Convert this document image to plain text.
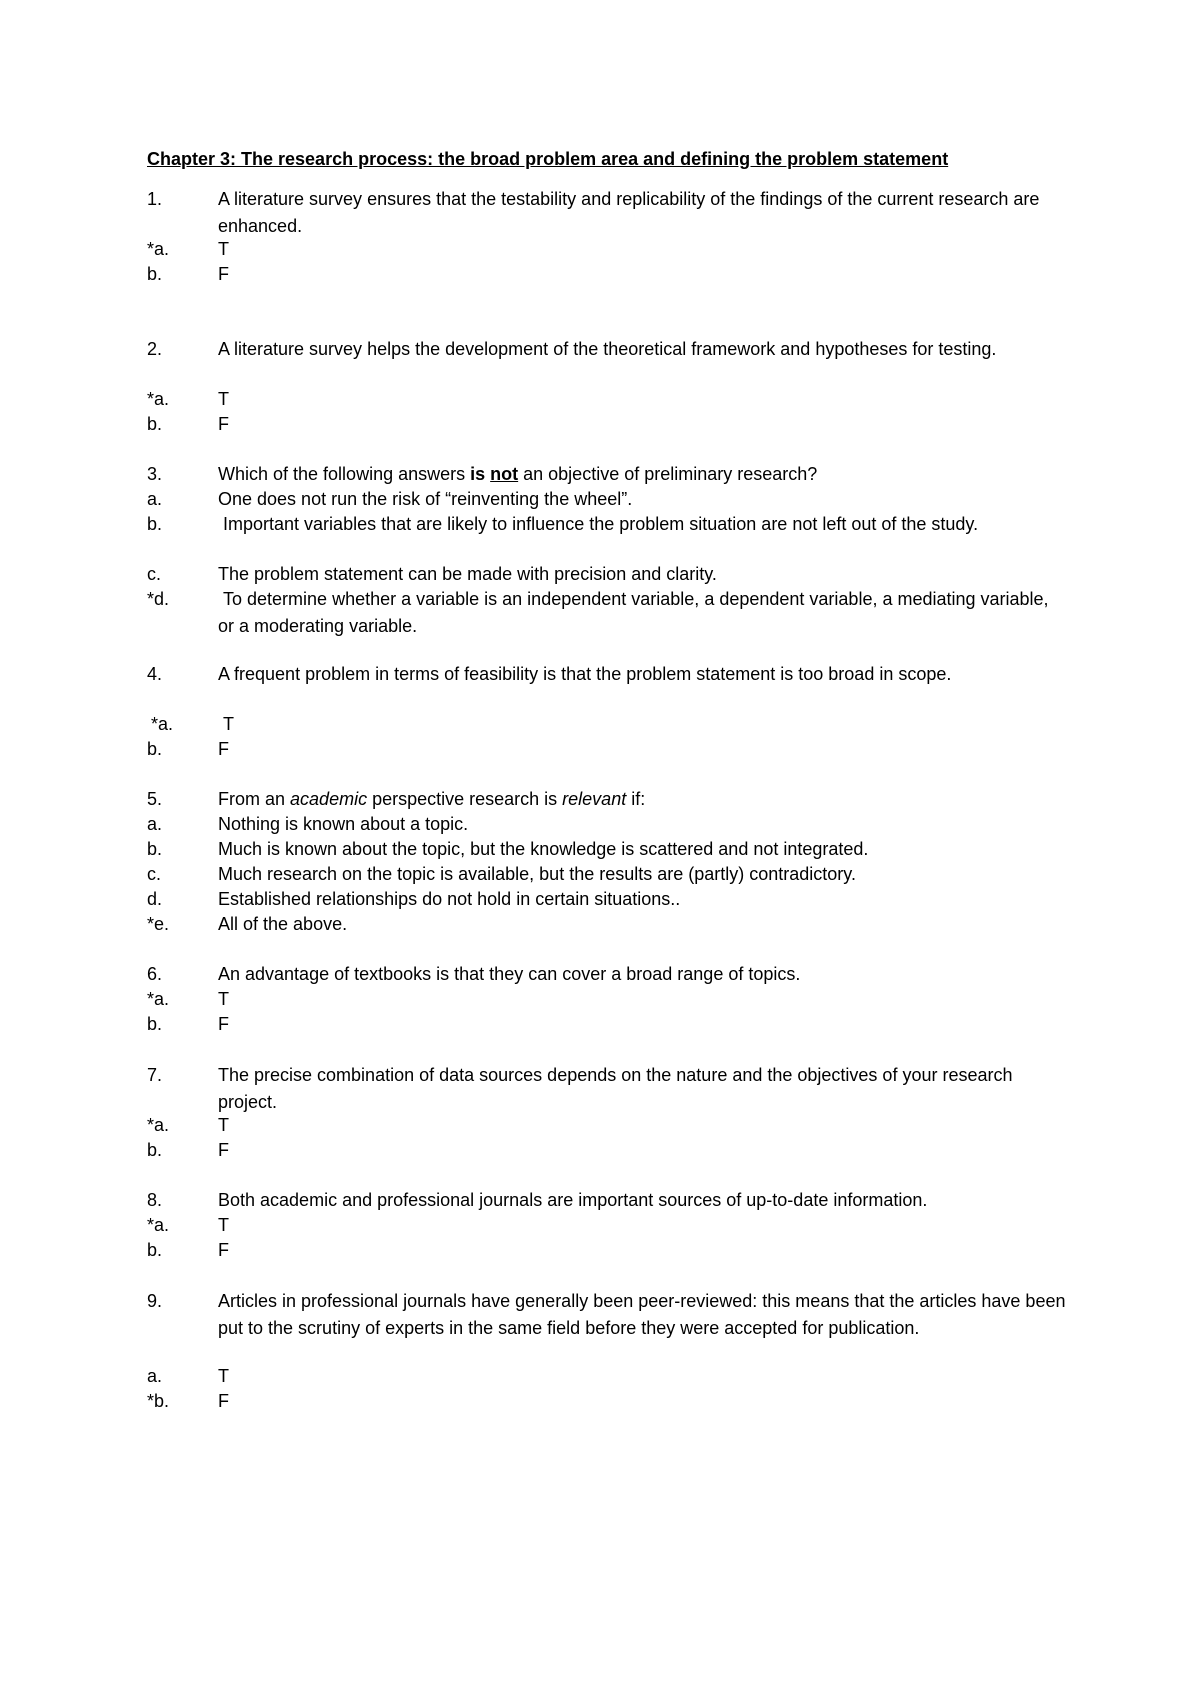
Chapter 3: The research process: the broad problem area and defining the problem statement
1.	A literature survey ensures that the testability and replicability of the findings of the current research are enhanced.
*a.	T
b.	F
2.	A literature survey helps the development of the theoretical framework and hypotheses for testing.
*a.	T
b.	F
3.	Which of the following answers is not an objective of preliminary research?
a.	One does not run the risk of “reinventing the wheel”.
b.	Important variables that are likely to influence the problem situation are not left out of the study.
c.	The problem statement can be made with precision and clarity.
*d.	To determine whether a variable is an independent variable, a dependent variable, a mediating variable, or a moderating variable.
4.	A frequent problem in terms of feasibility is that the problem statement is too broad in scope.
*a.	T
b.	F
5.	From an academic perspective research is relevant if:
a.	Nothing is known about a topic.
b.	Much is known about the topic, but the knowledge is scattered and not integrated.
c.	Much research on the topic is available, but the results are (partly) contradictory.
d.	Established relationships do not hold in certain situations..
*e.	All of the above.
6.	An advantage of textbooks is that they can cover a broad range of topics.
*a.	T
b.	F
7.	The precise combination of data sources depends on the nature and the objectives of your research project.
*a.	T
b.	F
8.	Both academic and professional journals are important sources of up-to-date information.
*a.	T
b.	F
9.	Articles in professional journals have generally been peer-reviewed: this means that the articles have been put to the scrutiny of experts in the same field before they were accepted for publication.
a.	T
*b.	F
